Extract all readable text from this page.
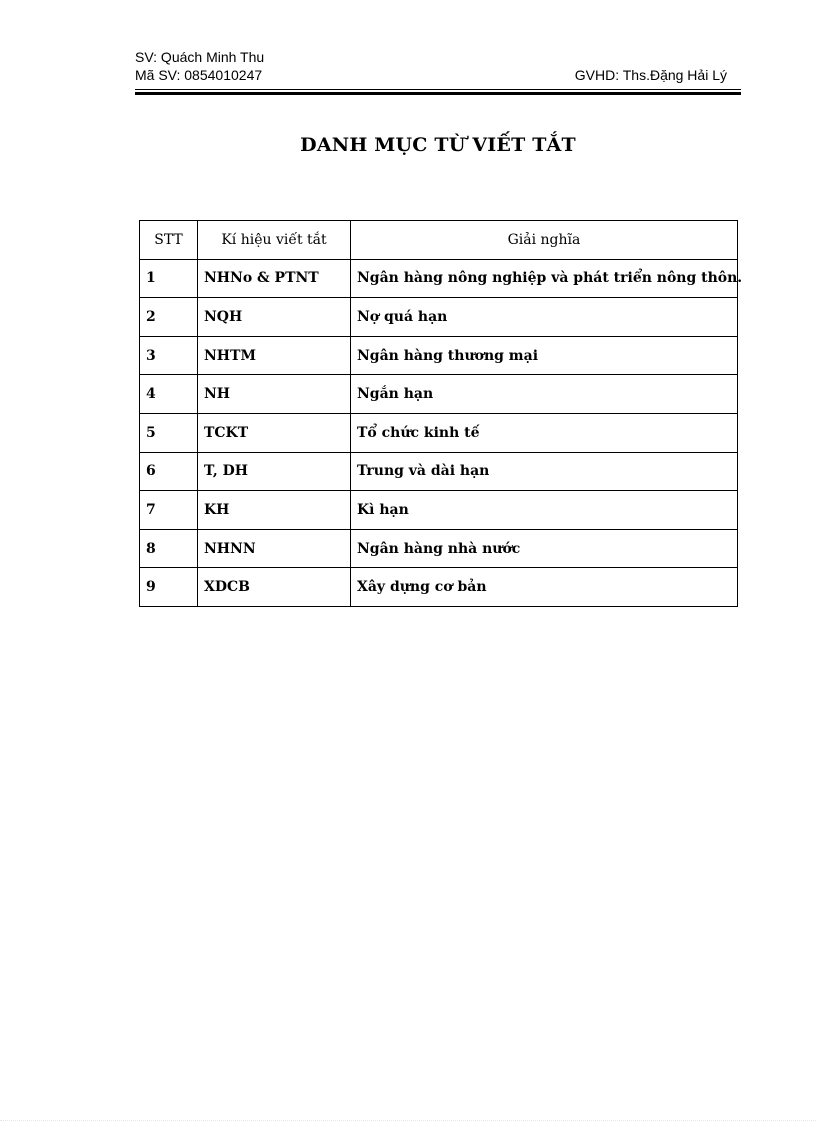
SV: Quách Minh Thu
Mã SV: 0854010247	GVHD: Ths.Đặng Hải Lý
DANH MỤC TỪ VIẾT TẮT
STT	Kí hiệu viết tắt	Giải nghĩa
1	NHNo & PTNT	Ngân hàng nông nghiệp và phát triển nông thôn.
2	NQH	Nợ quá hạn
3	NHTM	Ngân hàng thương mại
4	NH	Ngắn hạn
5	TCKT	Tổ chức kinh tế
6	T, DH	Trung và dài hạn
7	KH	Kì hạn
8	NHNN	Ngân hàng nhà nước
9	XDCB	Xây dựng cơ bản
